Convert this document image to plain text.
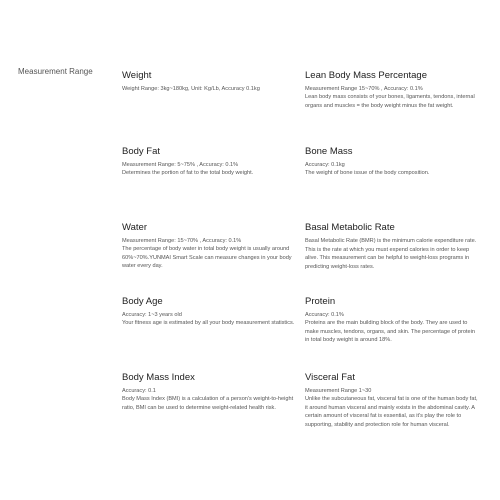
Measurement Range	Weight
Weight Range: 3kg~180kg, Unit: Kg/Lb, Accuracy 0.1kg
Lean Body Mass Percentage
Measurement Range 15~70% , Accuracy: 0.1%
Lean body mass consists of your bones, ligaments, tendons, internal organs and muscles = the body weight minus the fat weight.
Body Fat
Measurement Range: 5~75% , Accuracy: 0.1%
Determines the portion of fat to the total body weight.
Bone Mass
Accuracy: 0.1kg
The weight of bone issue of the body composition.
Water
Measurement Range: 15~70% , Accuracy: 0.1%
The percentage of body water in total body weight is usually around 60%~70%.YUNMAI Smart Scale can measure changes in your body water every day.
Basal Metabolic Rate
Basal Metabolic Rate (BMR) is the minimum calorie expenditure rate. This is the rate at which you must expend calories in order to keep alive. This measurement can be helpful to weight-loss programs in predicting weight-loss rates.
Body Age
Accuracy: 1~3 years old
Your fitness age is estimated by all your body measurement statistics.
Protein
Accuracy: 0.1%
Proteins are the main building block of the body. They are used to make muscles, tendons, organs, and skin. The percentage of protein in total body weight is around 18%.
Body Mass Index
Accuracy: 0.1
Body Mass Index (BMI) is a calculation of a person's weight-to-height ratio, BMI can be used to determine weight-related health risk.
Visceral Fat
Measurement Range 1~30
Unlike the subcutaneous fat, visceral fat is one of the human body fat, it around human visceral and mainly exists in the abdominal cavity. A certain amount of visceral fat is essential, as it's play the role to supporting, stability and protection role for human visceral.
